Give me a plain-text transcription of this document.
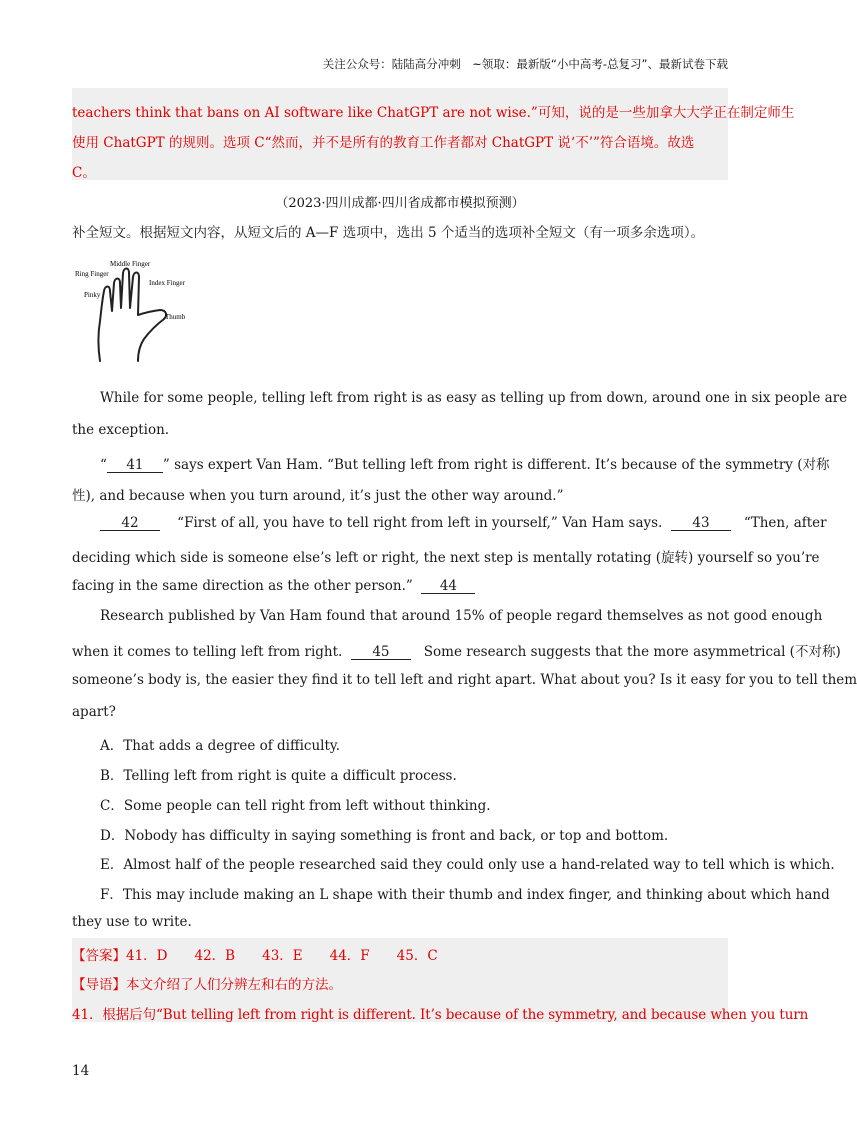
关注公众号：陆陆高分冲刺　~领取：最新版“小中高考-总复习”、最新试卷下载
teachers think that bans on AI software like ChatGPT are not wise.”可知，说的是一些加拿大大学正在制定师生
使用 ChatGPT 的规则。选项 C“然而，并不是所有的教育工作者都对 ChatGPT 说‘不’”符合语境。故选
C。
（2023·四川成都·四川省成都市模拟预测）
补全短文。根据短文内容，从短文后的 A—F 选项中，选出 5 个适当的选项补全短文（有一项多余选项）。
Middle Finger
Ring Finger
Index Finger
Pinky
Thumb
While for some people, telling left from right is as easy as telling up from down, around one in six people are
the exception.
“ 41 ” says expert Van Ham. “But telling left from right is different. It’s because of the symmetry (对称
性), and because when you turn around, it’s just the other way around.”
42	“First of all, you have to tell right from left in yourself,” Van Ham says. 43	“Then, after
deciding which side is someone else’s left or right, the next step is mentally rotating (旋转) yourself so you’re
facing in the same direction as the other person.” 44
Research published by Van Ham found that around 15% of people regard themselves as not good enough
when it comes to telling left from right. 45	Some research suggests that the more asymmetrical (不对称)
someone’s body is, the easier they find it to tell left and right apart. What about you? Is it easy for you to tell them
apart?
A．That adds a degree of difficulty.
B．Telling left from right is quite a difficult process.
C．Some people can tell right from left without thinking.
D．Nobody has difficulty in saying something is front and back, or top and bottom.
E．Almost half of the people researched said they could only use a hand-related way to tell which is which.
F．This may include making an L shape with their thumb and index finger, and thinking about which hand
they use to write.
【答案】41．D　　42．B　　43．E　　44．F　　45．C
【导语】本文介绍了人们分辨左和右的方法。
41．根据后句“But telling left from right is different. It’s because of the symmetry, and because when you turn
14
